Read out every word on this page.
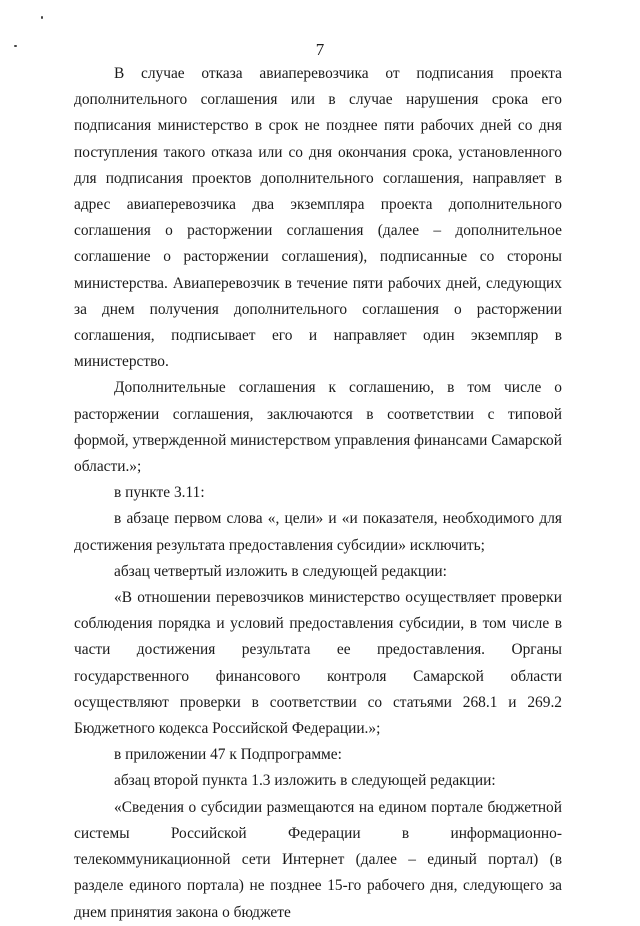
7

В случае отказа авиаперевозчика от подписания проекта дополнительного соглашения или в случае нарушения срока его подписания министерство в срок не позднее пяти рабочих дней со дня поступления такого отказа или со дня окончания срока, установленного для подписания проектов дополнительного соглашения, направляет в адрес авиаперевозчика два экземпляра проекта дополнительного соглашения о расторжении соглашения (далее – дополнительное соглашение о расторжении соглашения), подписанные со стороны министерства. Авиаперевозчик в течение пяти рабочих дней, следующих за днем получения дополнительного соглашения о расторжении соглашения, подписывает его и направляет один экземпляр в министерство.

Дополнительные соглашения к соглашению, в том числе о расторжении соглашения, заключаются в соответствии с типовой формой, утвержденной министерством управления финансами Самарской области.»;

в пункте 3.11:

в абзаце первом слова «, цели» и «и показателя, необходимого для достижения результата предоставления субсидии» исключить;

абзац четвертый изложить в следующей редакции:

«В отношении перевозчиков министерство осуществляет проверки соблюдения порядка и условий предоставления субсидии, в том числе в части достижения результата ее предоставления. Органы государственного финансового контроля Самарской области осуществляют проверки в соответствии со статьями 268.1 и 269.2 Бюджетного кодекса Российской Федерации.»;

в приложении 47 к Подпрограмме:

абзац второй пункта 1.3 изложить в следующей редакции:

«Сведения о субсидии размещаются на едином портале бюджетной системы Российской Федерации в информационно-телекоммуникационной сети Интернет (далее – единый портал) (в разделе единого портала) не позднее 15-го рабочего дня, следующего за днем принятия закона о бюджете
